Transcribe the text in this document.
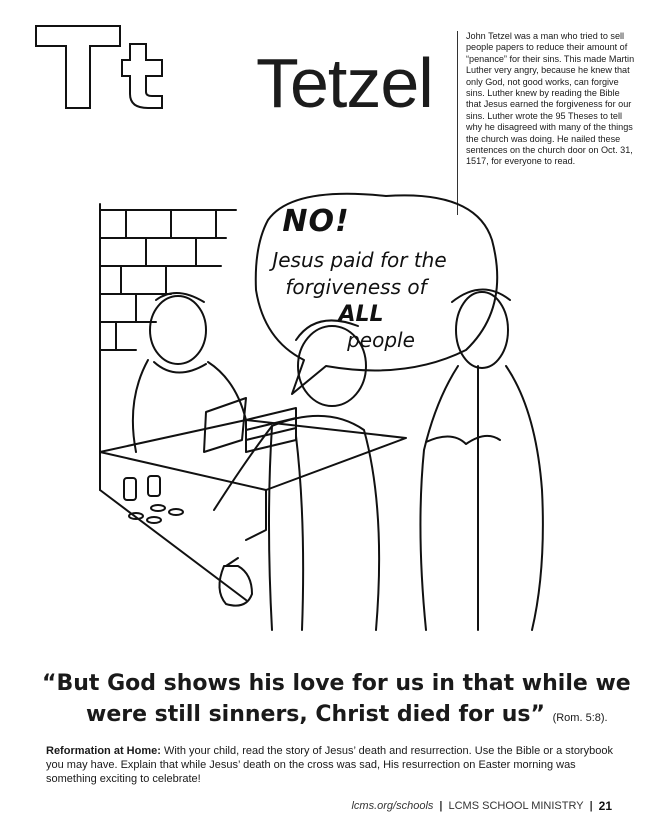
Tetzel
John Tetzel was a man who tried to sell people papers to reduce their amount of “penance” for their sins. This made Martin Luther very angry, because he knew that only God, not good works, can forgive sins. Luther knew by reading the Bible that Jesus earned the forgiveness for our sins. Luther wrote the 95 Theses to tell why he disagreed with many of the things the church was doing. He nailed these sentences on the church door on Oct. 31, 1517, for everyone to read.
NO!
Jesus paid for the
forgiveness of
ALL
people
“But God shows his love for us in that while we
were still sinners, Christ died for us” (Rom. 5:8).
Reformation at Home: With your child, read the story of Jesus’ death and resurrection. Use the Bible or a storybook you may have. Explain that while Jesus’ death on the cross was sad, His resurrection on Easter morning was something exciting to celebrate!
lcms.org/schools | LCMS SCHOOL MINISTRY | 21
